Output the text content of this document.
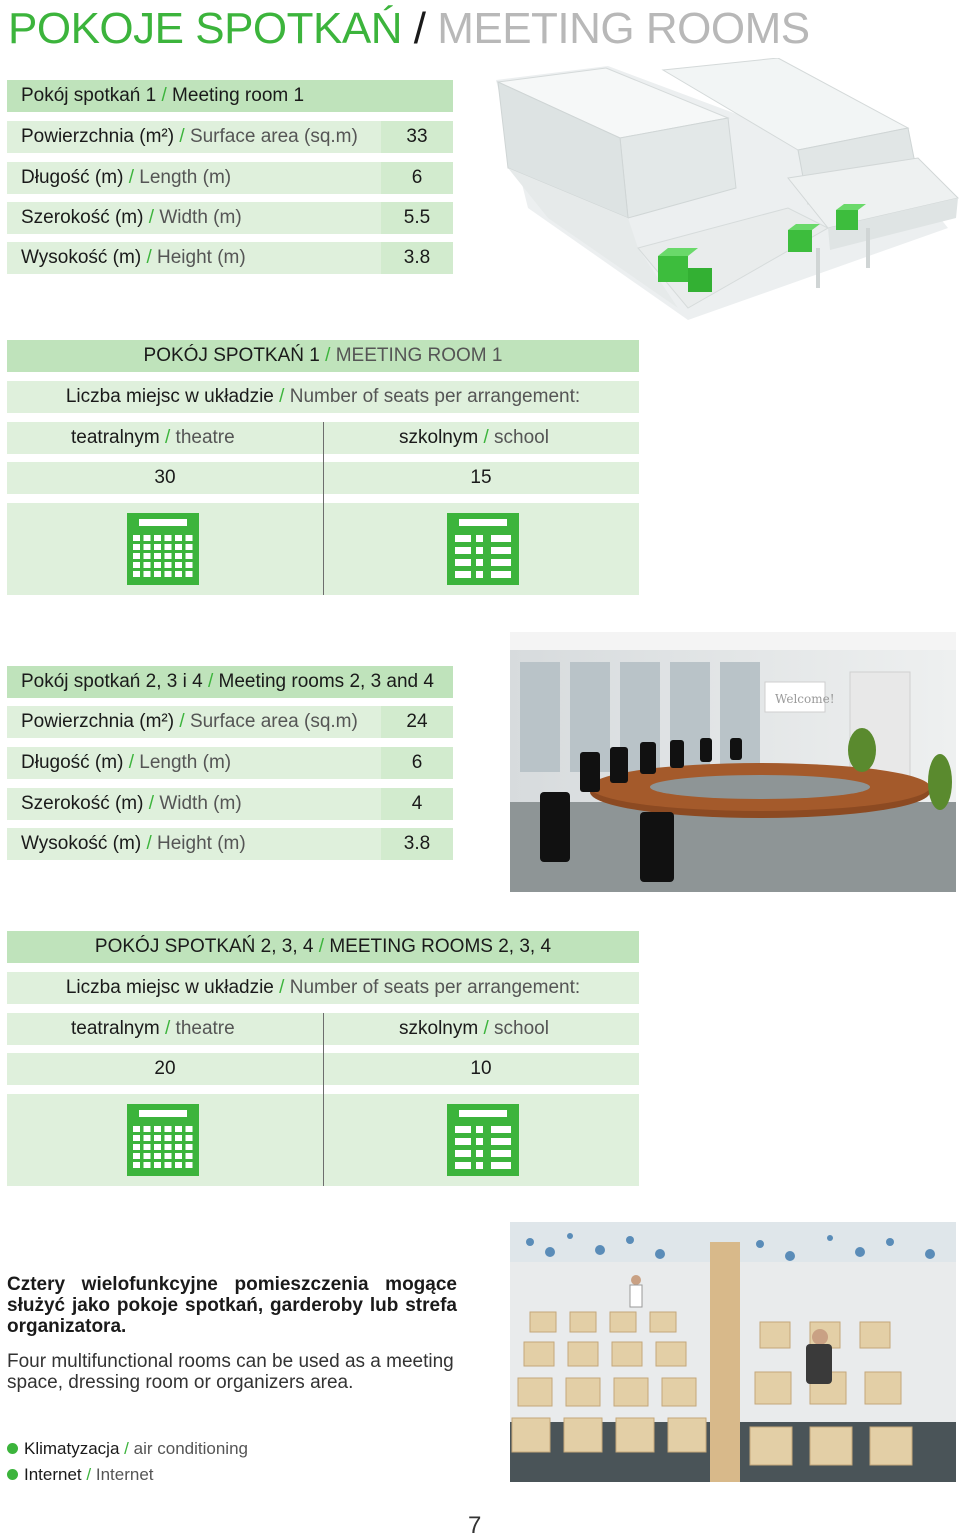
POKOJE SPOTKAŃ / MEETING ROOMS
Pokój spotkań 1 / Meeting room 1
Powierzchnia (m²) / Surface area (sq.m)	33
Długość (m) / Length (m)	6
Szerokość (m) / Width (m)	5.5
Wysokość (m) / Height (m)	3.8
POKÓJ SPOTKAŃ 1 / MEETING ROOM 1
Liczba miejsc w układzie / Number of seats per arrangement:
teatralnym / theatre	szkolnym / school
30	15
Pokój spotkań 2, 3 i 4 / Meeting rooms 2, 3 and 4
Powierzchnia (m²) / Surface area (sq.m)	24
Długość (m) / Length (m)	6
Szerokość (m) / Width (m)	4
Wysokość (m) / Height (m)	3.8
Welcome!
POKÓJ SPOTKAŃ 2, 3, 4 / MEETING ROOMS 2, 3, 4
Liczba miejsc w układzie / Number of seats per arrangement:
teatralnym / theatre	szkolnym / school
20	10
Cztery wielofunkcyjne pomieszczenia mogące służyć jako pokoje spotkań, garderoby lub strefa organizatora.
Four multifunctional rooms can be used as a meeting space, dressing room or organizers area.
Klimatyzacja / air conditioning
Internet / Internet
7
